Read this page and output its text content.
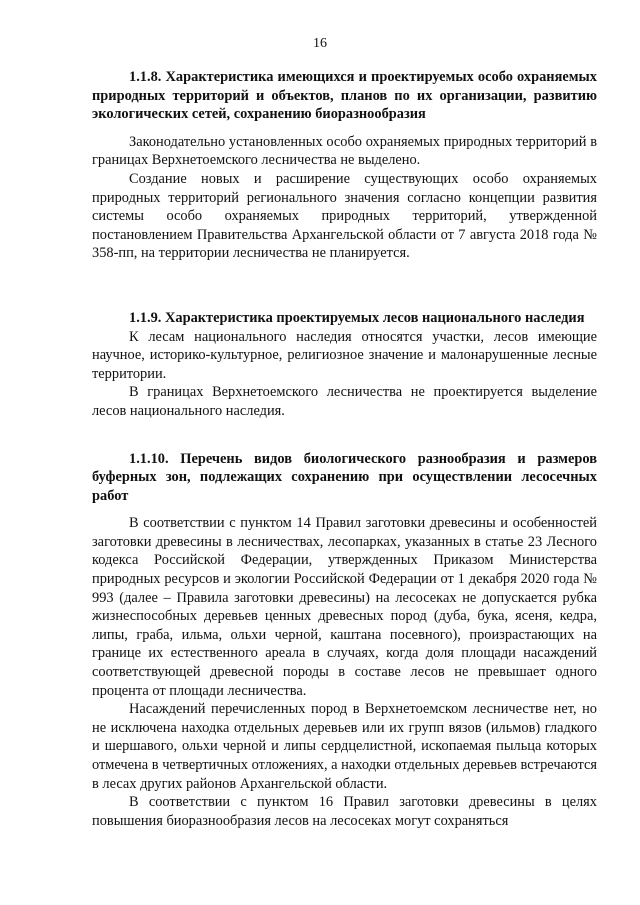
16

1.1.8. Характеристика имеющихся и проектируемых особо охраняемых природных территорий и объектов, планов по их организации, развитию экологических сетей, сохранению биоразнообразия

Законодательно установленных особо охраняемых природных территорий в границах Верхнетоемского лесничества не выделено.

Создание новых и расширение существующих особо охраняемых природных территорий регионального значения согласно концепции развития системы особо охраняемых природных территорий, утвержденной постановлением Правительства Архангельской области от 7 августа 2018 года № 358-пп, на территории лесничества не планируется.

1.1.9. Характеристика проектируемых лесов национального наследия

К лесам национального наследия относятся участки, лесов имеющие научное, историко-культурное, религиозное значение и малонарушенные лесные территории.

В границах Верхнетоемского лесничества не проектируется выделение лесов национального наследия.

1.1.10. Перечень видов биологического разнообразия и размеров буферных зон, подлежащих сохранению при осуществлении лесосечных работ

В соответствии с пунктом 14 Правил заготовки древесины и особенностей заготовки древесины в лесничествах, лесопарках, указанных в статье 23 Лесного кодекса Российской Федерации, утвержденных Приказом Министерства природных ресурсов и экологии Российской Федерации от 1 декабря 2020 года № 993 (далее – Правила заготовки древесины) на лесосеках не допускается рубка жизнеспособных деревьев ценных древесных пород (дуба, бука, ясеня, кедра, липы, граба, ильма, ольхи черной, каштана посевного), произрастающих на границе их естественного ареала в случаях, когда доля площади насаждений соответствующей древесной породы в составе лесов не превышает одного процента от площади лесничества.

Насаждений перечисленных пород в Верхнетоемском лесничестве нет, но не исключена находка отдельных деревьев или их групп вязов (ильмов) гладкого и шершавого, ольхи черной и липы сердцелистной, ископаемая пыльца которых отмечена в четвертичных отложениях, а находки отдельных деревьев встречаются в лесах других районов Архангельской области.

В соответствии с пунктом 16 Правил заготовки древесины в целях повышения биоразнообразия лесов на лесосеках могут сохраняться
